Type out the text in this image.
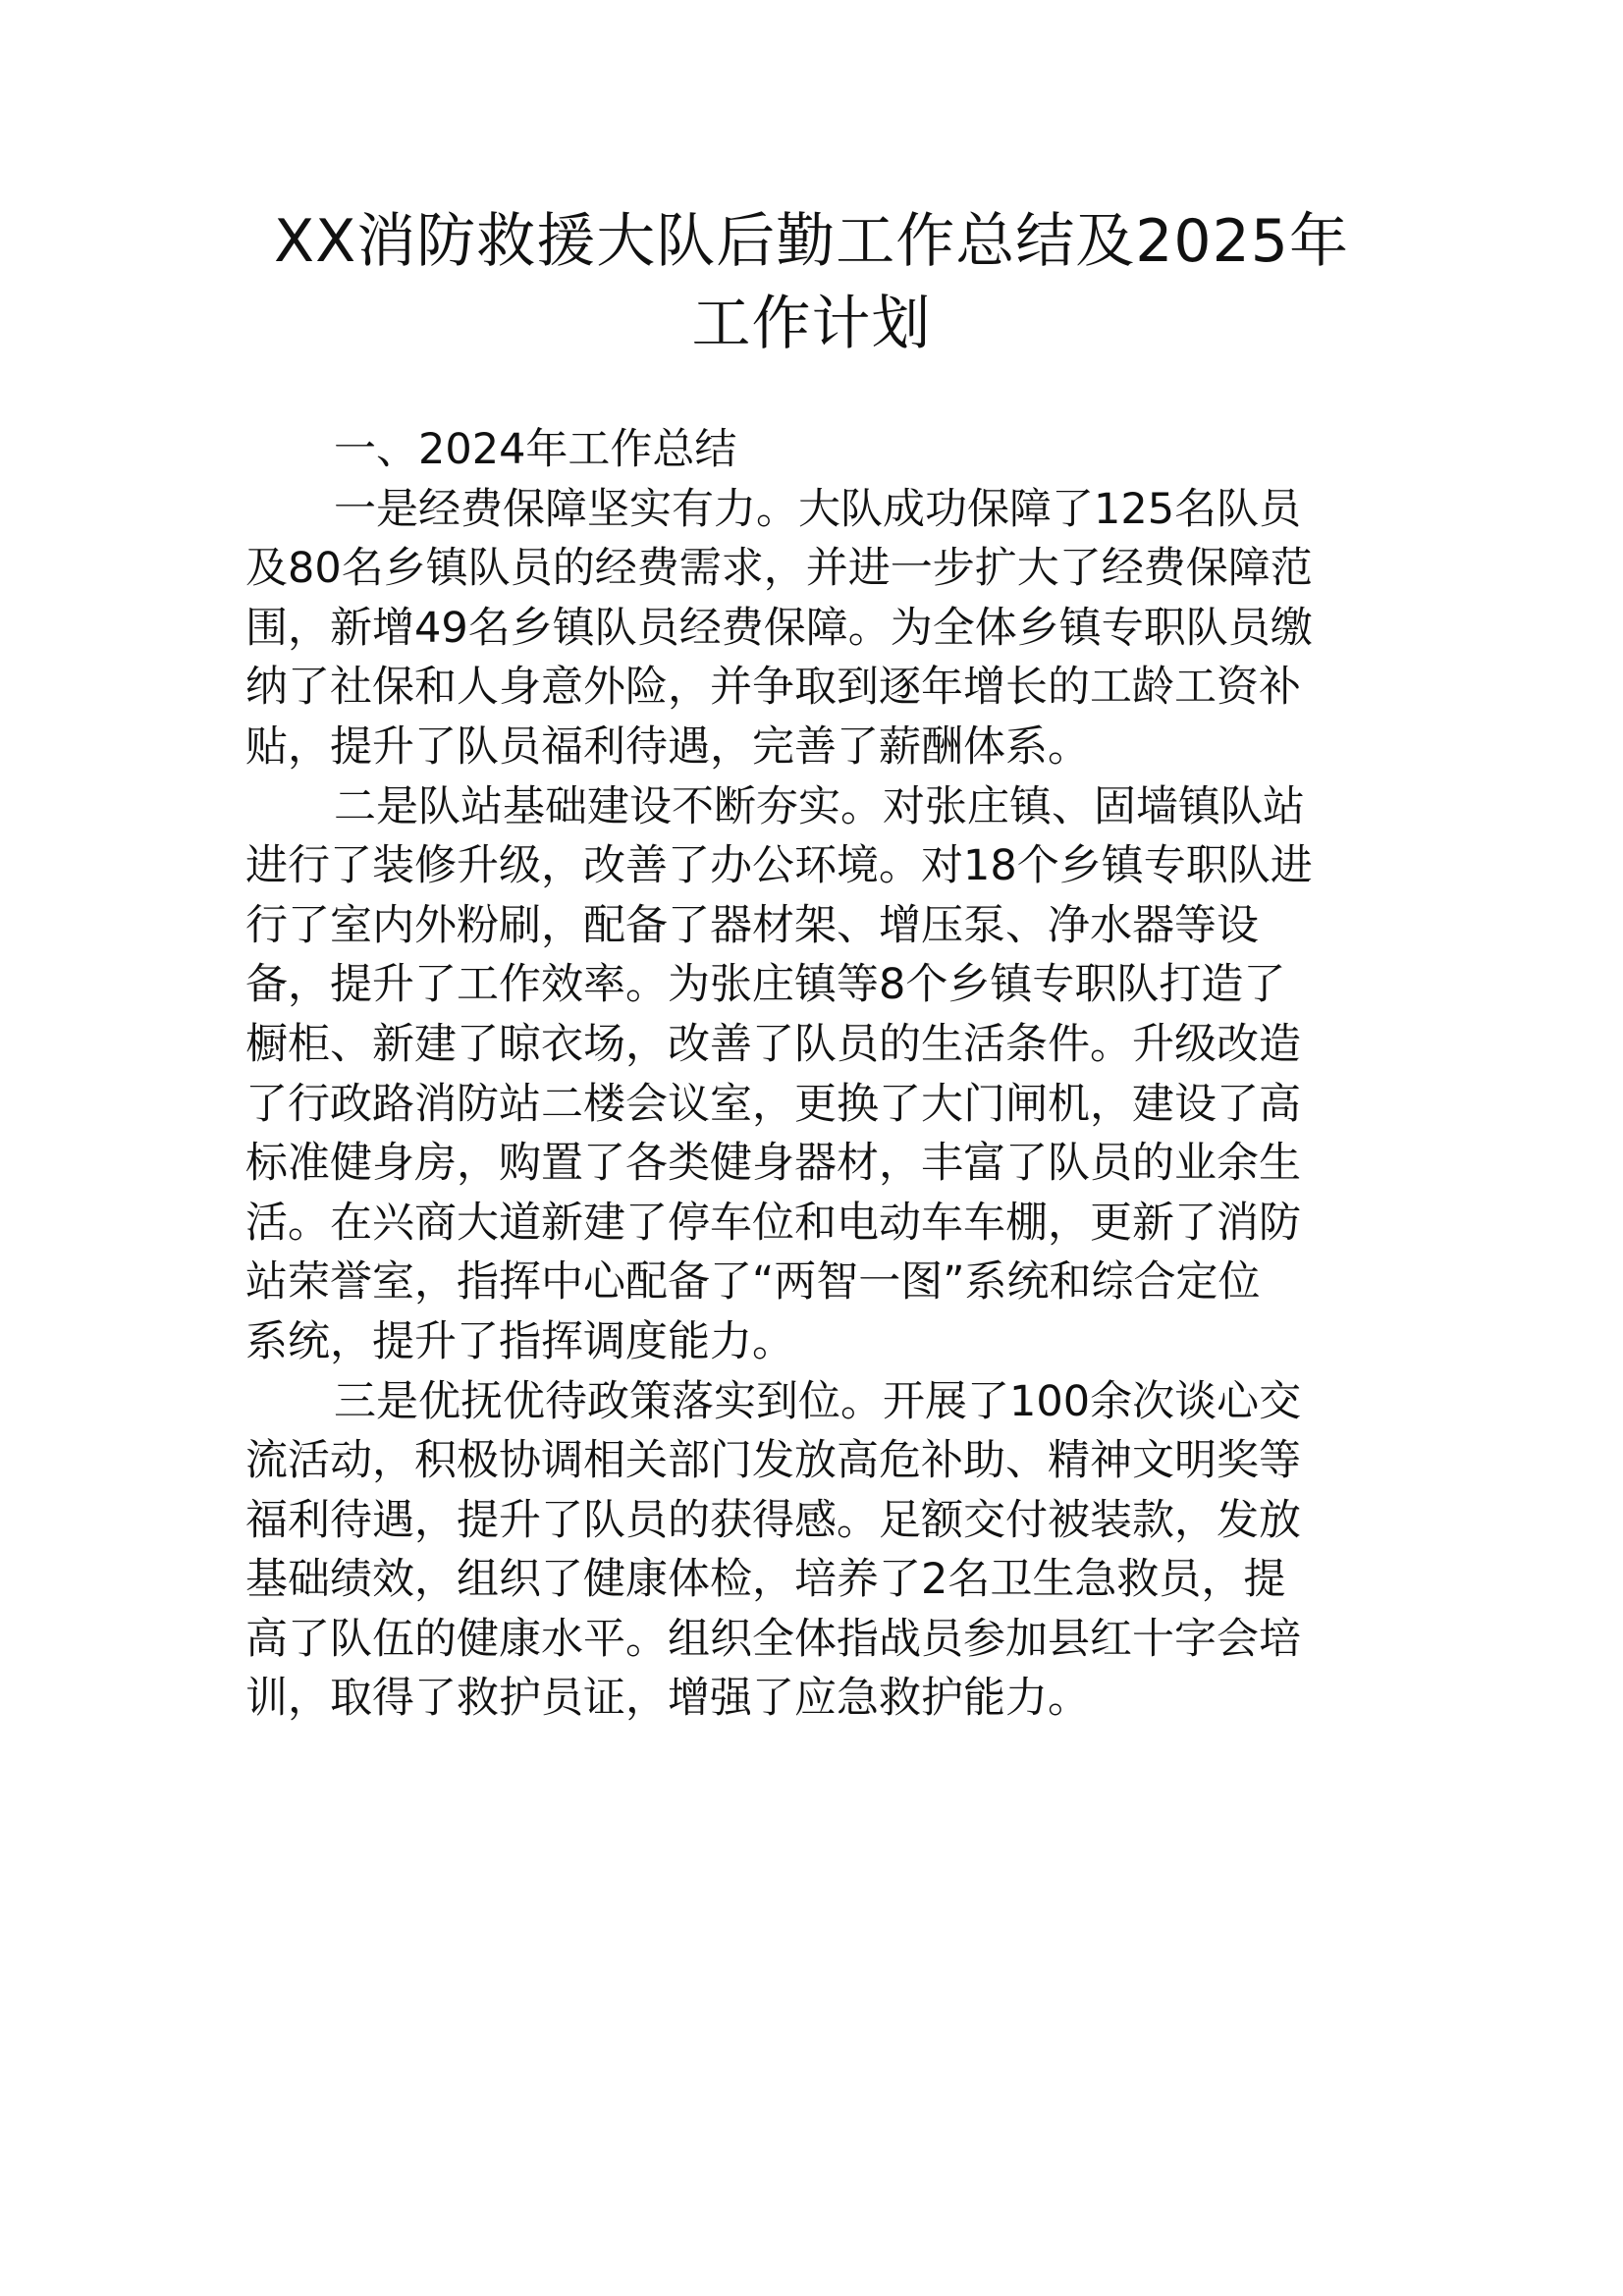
XX消防救援大队后勤工作总结及2025年
工作计划
一、2024年工作总结
一是经费保障坚实有力。大队成功保障了125名队员
及80名乡镇队员的经费需求，并进一步扩大了经费保障范
围，新增49名乡镇队员经费保障。为全体乡镇专职队员缴
纳了社保和人身意外险，并争取到逐年增长的工龄工资补
贴，提升了队员福利待遇，完善了薪酬体系。
二是队站基础建设不断夯实。对张庄镇、固墙镇队站
进行了装修升级，改善了办公环境。对18个乡镇专职队进
行了室内外粉刷，配备了器材架、增压泵、净水器等设
备，提升了工作效率。为张庄镇等8个乡镇专职队打造了
橱柜、新建了晾衣场，改善了队员的生活条件。升级改造
了行政路消防站二楼会议室，更换了大门闸机，建设了高
标准健身房，购置了各类健身器材，丰富了队员的业余生
活。在兴商大道新建了停车位和电动车车棚，更新了消防
站荣誉室，指挥中心配备了“两智一图”系统和综合定位
系统，提升了指挥调度能力。
三是优抚优待政策落实到位。开展了100余次谈心交
流活动，积极协调相关部门发放高危补助、精神文明奖等
福利待遇，提升了队员的获得感。足额交付被装款，发放
基础绩效，组织了健康体检，培养了2名卫生急救员，提
高了队伍的健康水平。组织全体指战员参加县红十字会培
训，取得了救护员证，增强了应急救护能力。
